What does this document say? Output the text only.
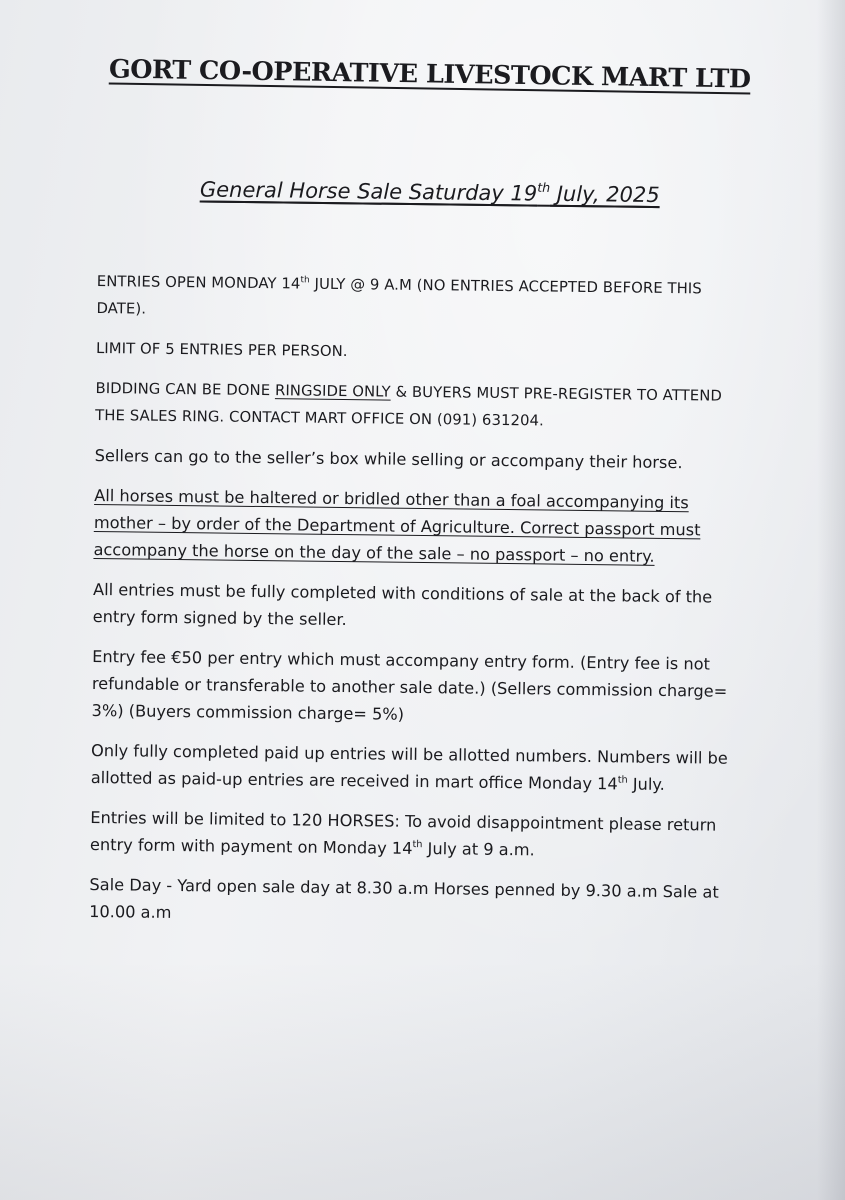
GORT CO-OPERATIVE LIVESTOCK MART LTD
General Horse Sale Saturday 19th July, 2025

ENTRIES OPEN MONDAY 14th JULY @ 9 A.M (NO ENTRIES ACCEPTED BEFORE THIS DATE).

LIMIT OF 5 ENTRIES PER PERSON.

BIDDING CAN BE DONE RINGSIDE ONLY & BUYERS MUST PRE-REGISTER TO ATTEND THE SALES RING. CONTACT MART OFFICE ON (091) 631204.

Sellers can go to the seller’s box while selling or accompany their horse.

All horses must be haltered or bridled other than a foal accompanying its mother – by order of the Department of Agriculture. Correct passport must accompany the horse on the day of the sale – no passport – no entry.

All entries must be fully completed with conditions of sale at the back of the entry form signed by the seller.

Entry fee €50 per entry which must accompany entry form. (Entry fee is not refundable or transferable to another sale date.) (Sellers commission charge= 3%) (Buyers commission charge= 5%)

Only fully completed paid up entries will be allotted numbers. Numbers will be allotted as paid-up entries are received in mart office Monday 14th July.

Entries will be limited to 120 HORSES: To avoid disappointment please return entry form with payment on Monday 14th July at 9 a.m.

Sale Day - Yard open sale day at 8.30 a.m Horses penned by 9.30 a.m Sale at 10.00 a.m
